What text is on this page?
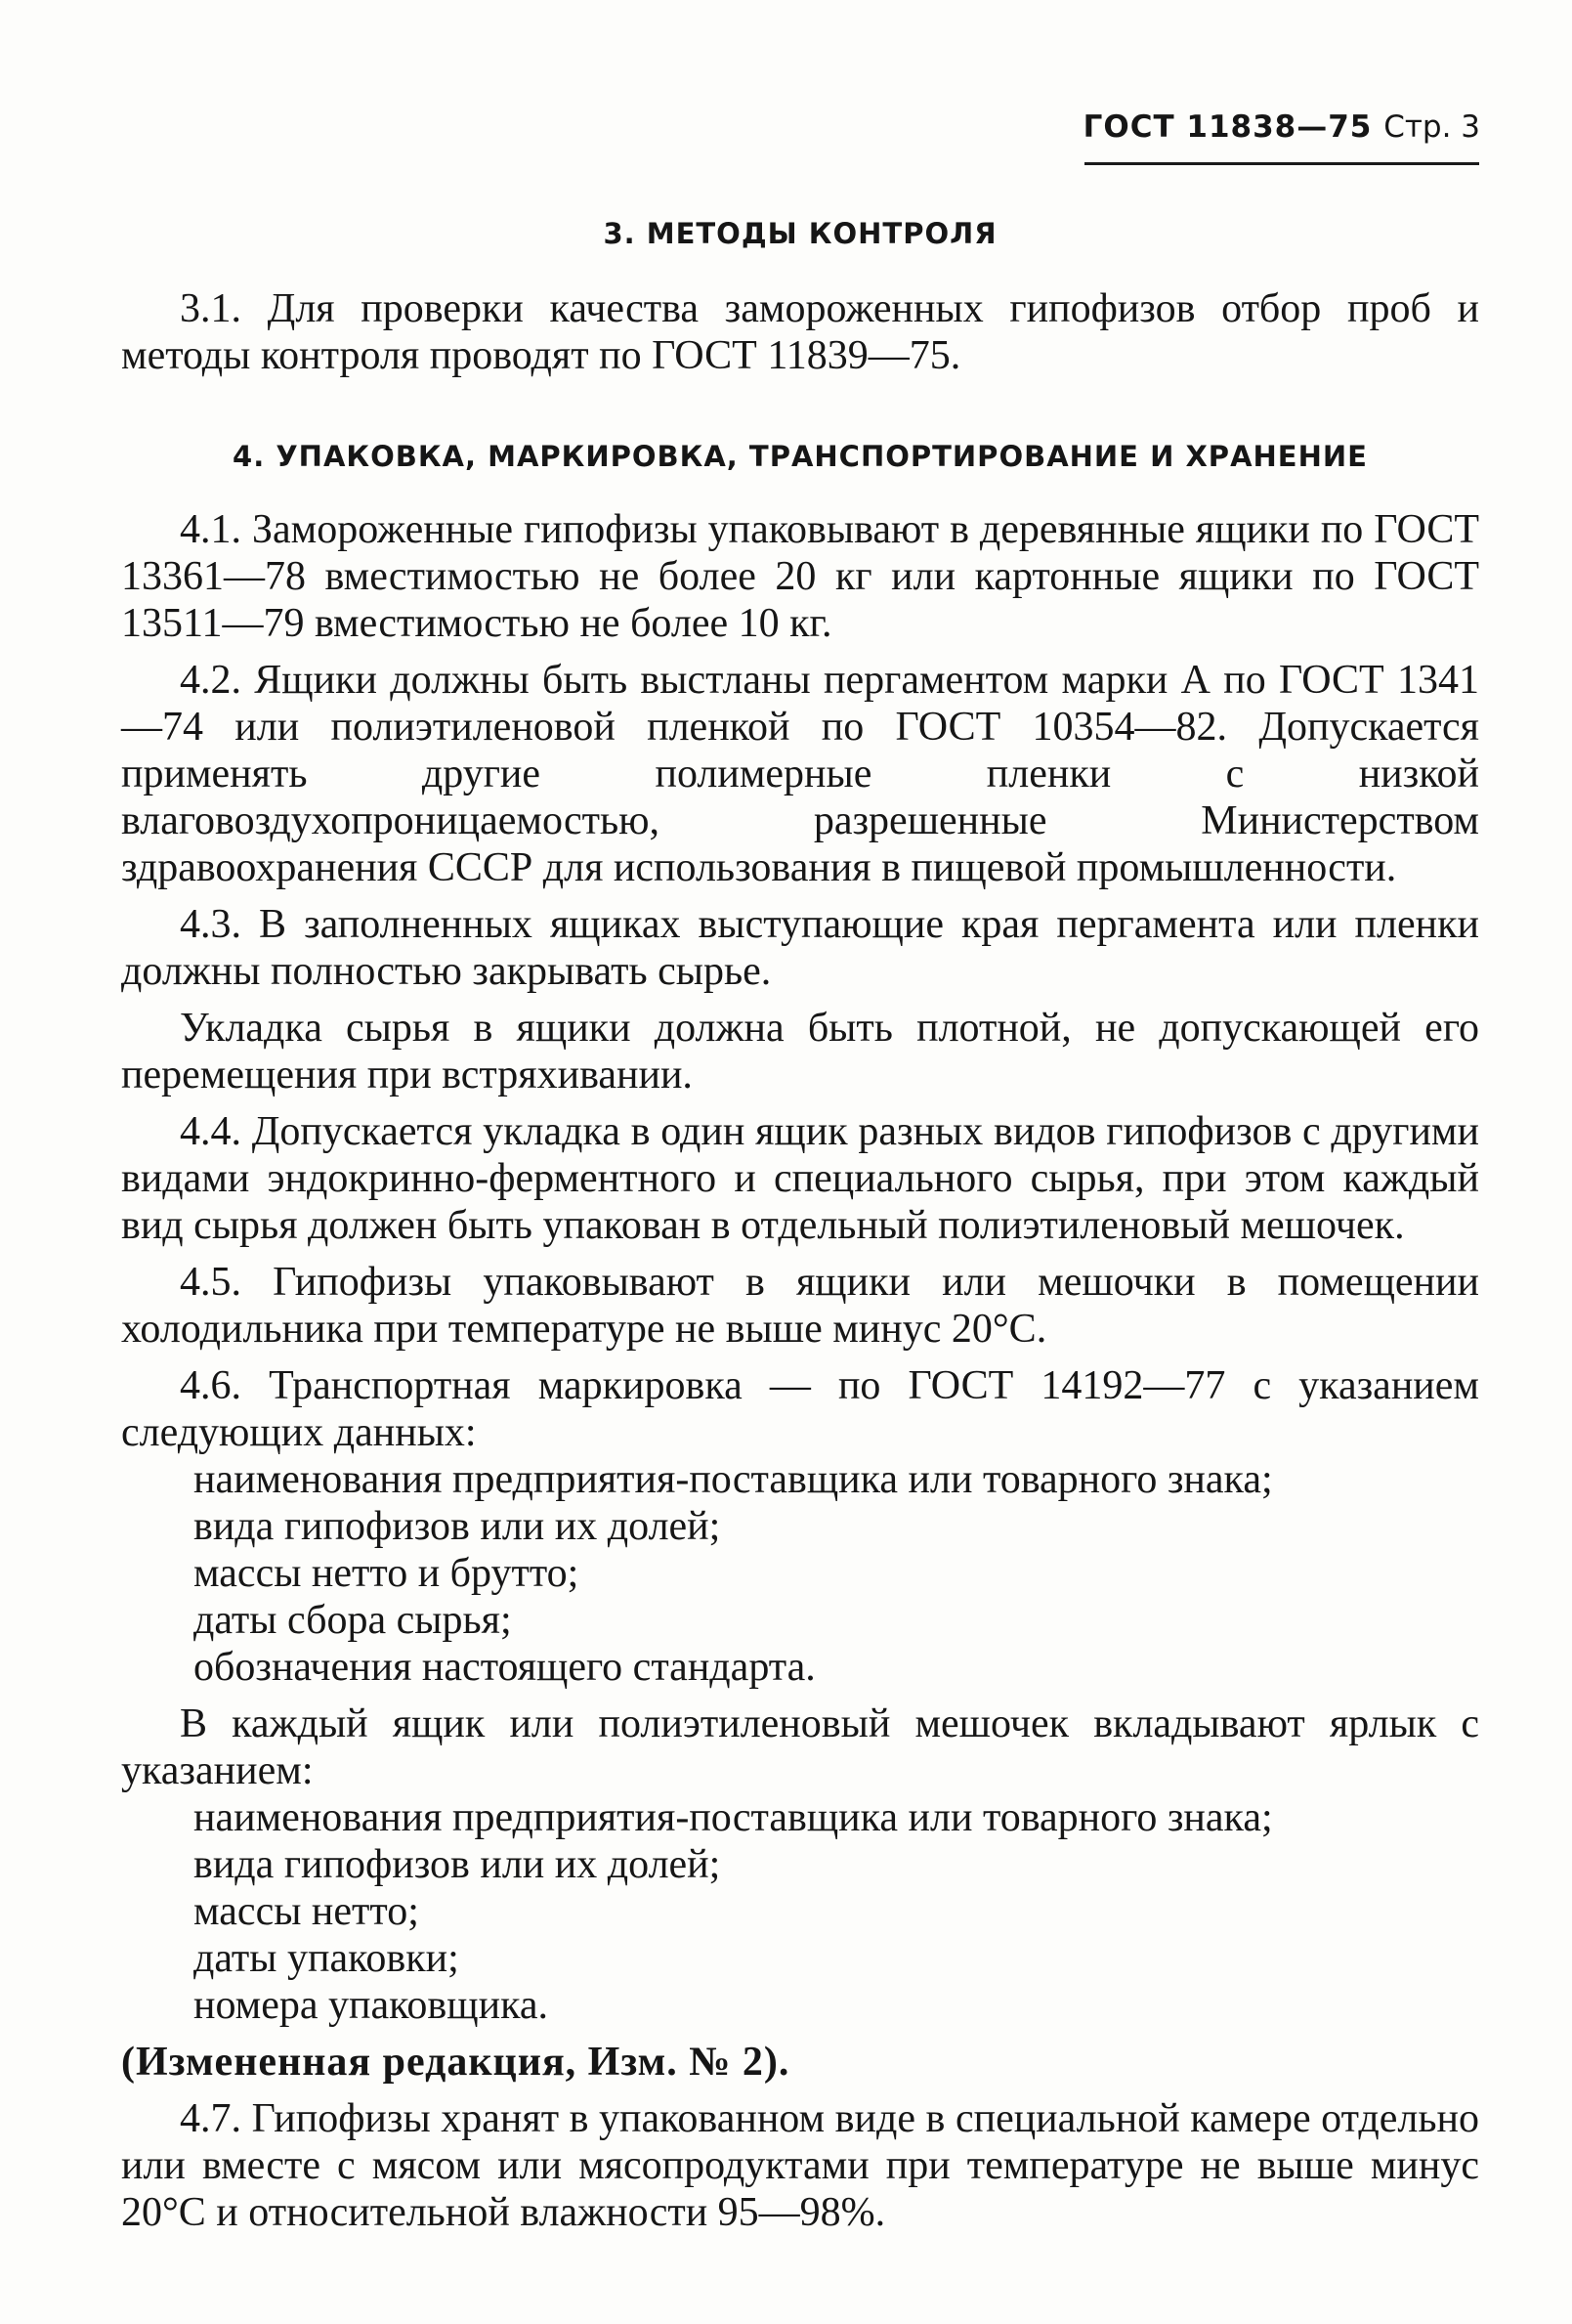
ГОСТ 11838—75 Стр. 3
3. МЕТОДЫ КОНТРОЛЯ

3.1. Для проверки качества замороженных гипофизов отбор проб и методы контроля проводят по ГОСТ 11839—75.

4. УПАКОВКА, МАРКИРОВКА, ТРАНСПОРТИРОВАНИЕ И ХРАНЕНИЕ

4.1. Замороженные гипофизы упаковывают в деревянные ящики по ГОСТ 13361—78 вместимостью не более 20 кг или картонные ящики по ГОСТ 13511—79 вместимостью не более 10 кг.

4.2. Ящики должны быть выстланы пергаментом марки А по ГОСТ 1341—74 или полиэтиленовой пленкой по ГОСТ 10354—82. Допускается применять другие полимерные пленки с низкой влаговоздухопроницаемостью, разрешенные Министерством здравоохранения СССР для использования в пищевой промышленности.

4.3. В заполненных ящиках выступающие края пергамента или пленки должны полностью закрывать сырье.

Укладка сырья в ящики должна быть плотной, не допускающей его перемещения при встряхивании.

4.4. Допускается укладка в один ящик разных видов гипофизов с другими видами эндокринно-ферментного и специального сырья, при этом каждый вид сырья должен быть упакован в отдельный полиэтиленовый мешочек.

4.5. Гипофизы упаковывают в ящики или мешочки в помещении холодильника при температуре не выше минус 20°С.

4.6. Транспортная маркировка — по ГОСТ 14192—77 с указанием следующих данных:

наименования предприятия-поставщика или товарного знака;
вида гипофизов или их долей;
массы нетто и брутто;
даты сбора сырья;
обозначения настоящего стандарта.

В каждый ящик или полиэтиленовый мешочек вкладывают ярлык с указанием:

наименования предприятия-поставщика или товарного знака;
вида гипофизов или их долей;
массы нетто;
даты упаковки;
номера упаковщика.

(Измененная редакция, Изм. № 2).

4.7. Гипофизы хранят в упакованном виде в специальной камере отдельно или вместе с мясом или мясопродуктами при температуре не выше минус 20°С и относительной влажности 95—98%.
